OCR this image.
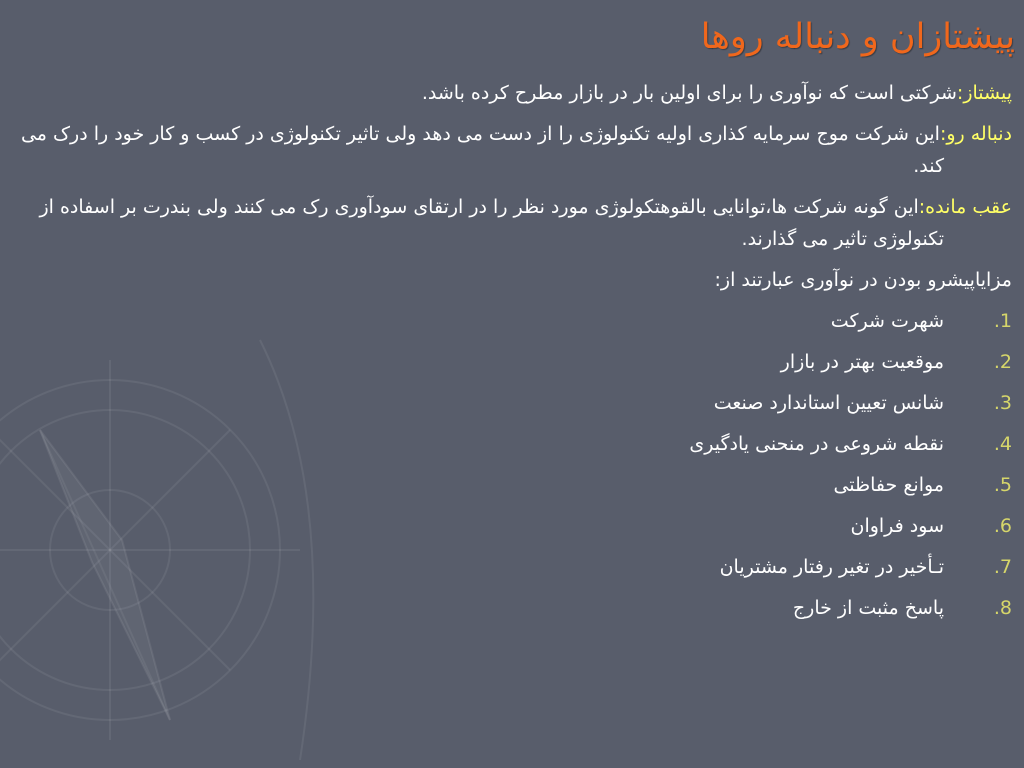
پیشتازان و دنباله روها

پیشتاز:شرکتی است که نوآوری را برای اولین بار در بازار مطرح کرده باشد.

دنباله رو:این شرکت موج سرمایه کذاری اولیه تکنولوژی را از دست می دهد ولی تاثیر تکنولوژی در کسب و کار خود را درک می کند.

عقب مانده:این گونه شرکت ها،توانایی بالقوهتکولوژی مورد نظر را در ارتقای سودآوری رک می کنند ولی بندرت بر اسفاده از تکنولوژی تاثیر می گذارند.

مزایاپیشرو بودن در نوآوری عبارتند از:

1.
شهرت شرکت
2.
موقعیت بهتر در بازار
3.
شانس تعیین استاندارد صنعت
4.
نقطه شروعی در منحنی یادگیری
5.
موانع حفاظتی
6.
سود فراوان
7.
تـأخیر در تغیر رفتار مشتریان
8.
پاسخ مثبت از خارج
